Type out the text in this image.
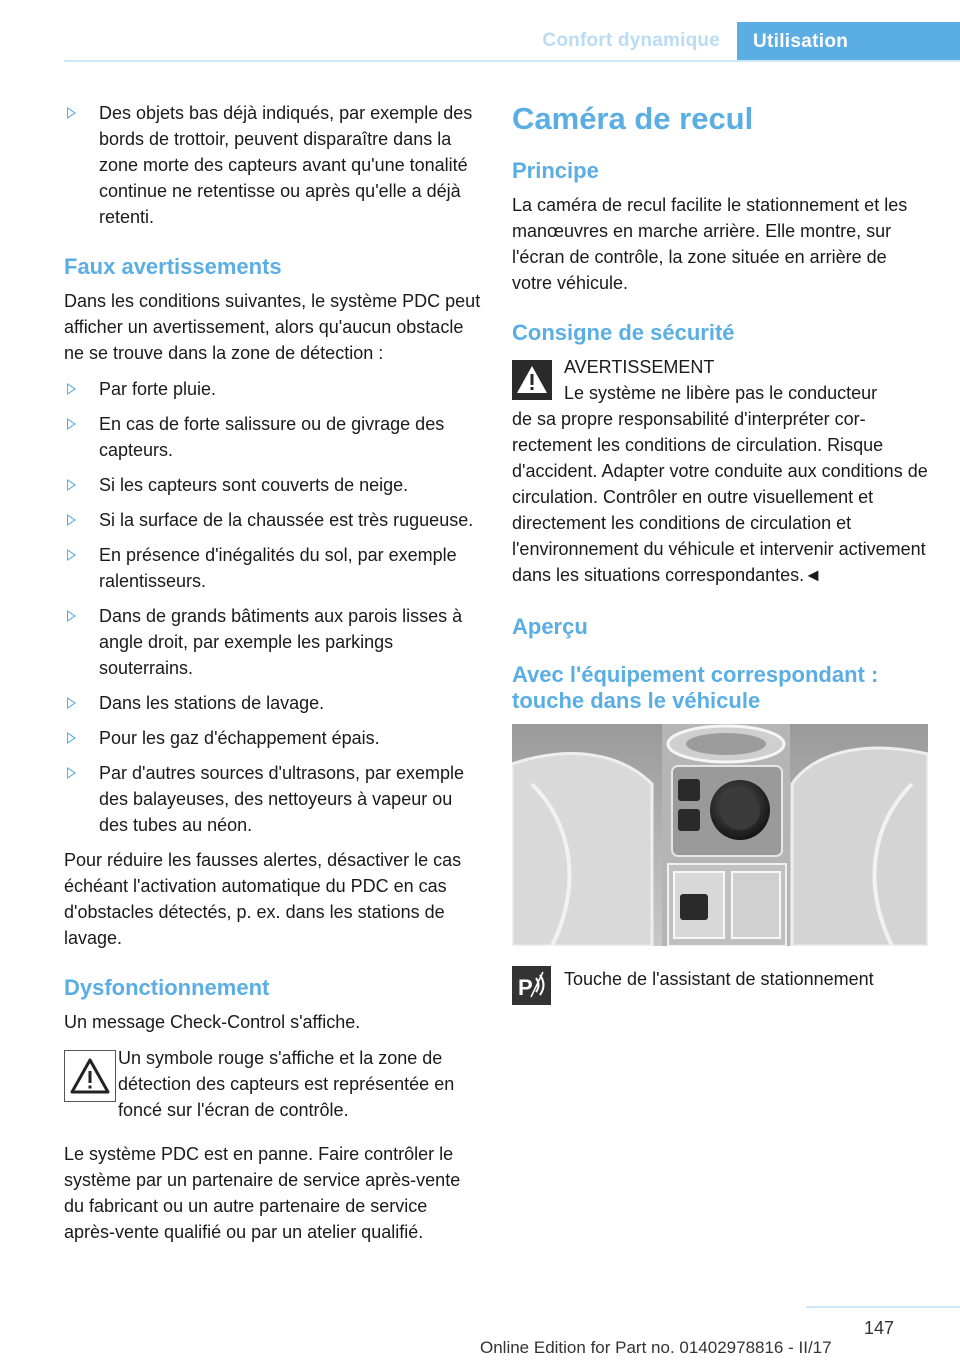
Confort dynamique	Utilisation
Des objets bas déjà indiqués, par exemple des bords de trottoir, peuvent disparaître dans la zone morte des capteurs avant qu'une tonalité continue ne retentisse ou après qu'elle a déjà retenti.
Faux avertissements

Dans les conditions suivantes, le système PDC peut afficher un avertissement, alors qu'aucun obstacle ne se trouve dans la zone de détection :

Par forte pluie.
En cas de forte salissure ou de givrage des capteurs.
Si les capteurs sont couverts de neige.
Si la surface de la chaussée est très rugueuse.
En présence d'inégalités du sol, par exemple ralentisseurs.
Dans de grands bâtiments aux parois lisses à angle droit, par exemple les parkings souterrains.
Dans les stations de lavage.
Pour les gaz d'échappement épais.
Par d'autres sources d'ultrasons, par exemple des balayeuses, des nettoyeurs à vapeur ou des tubes au néon.

Pour réduire les fausses alertes, désactiver le cas échéant l'activation automatique du PDC en cas d'obstacles détectés, p. ex. dans les stations de lavage.

Dysfonctionnement

Un message Check-Control s'affiche.

Un symbole rouge s'affiche et la zone de détection des capteurs est représentée en foncé sur l'écran de contrôle.

Le système PDC est en panne. Faire contrôler le système par un partenaire de service après-vente du fabricant ou un autre partenaire de service après-vente qualifié ou par un atelier qualifié.

Caméra de recul
Principe

La caméra de recul facilite le stationnement et les manœuvres en marche arrière. Elle montre, sur l'écran de contrôle, la zone située en arrière de votre véhicule.

Consigne de sécurité
AVERTISSEMENT
Le système ne libère pas le conducteur

de sa propre responsabilité d'interpréter correctement les conditions de circulation. Risque d'accident. Adapter votre conduite aux conditions de circulation. Contrôler en outre visuellement et directement les conditions de circulation et l'environnement du véhicule et intervenir activement dans les situations correspondantes.◄

Aperçu
Avec l'équipement correspondant : touche dans le véhicule
P Touche de l'assistant de stationnement
147
Online Edition for Part no. 01402978816 - II/17
